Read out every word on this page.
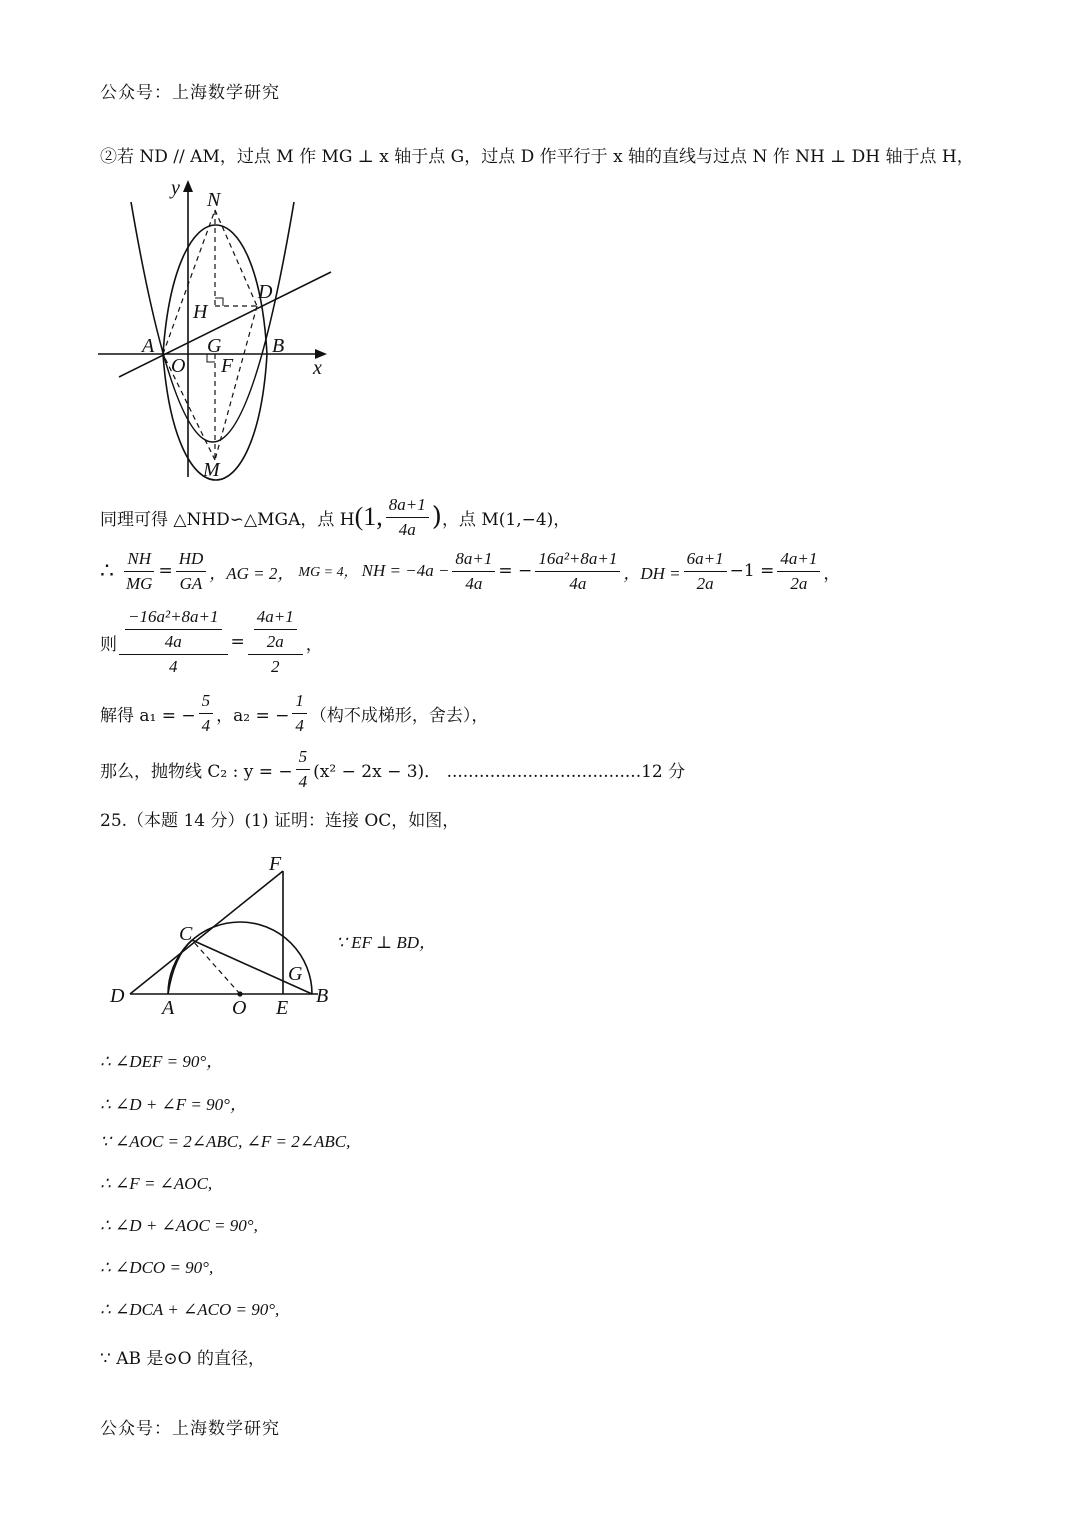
公众号：上海数学研究
②若 ND // AM，过点 M 作 MG ⊥ x 轴于点 G，过点 D 作平行于 x 轴的直线与过点 N 作 NH ⊥ DH 轴于点 H，
y
N
D
H
A
O
G
F
B
x
M
同理可得 △NHD∽△MGA，点 H (1, $\frac{8a+1}{4a}$ ) ，点 M(1,−4)，
∴ $\frac{NH}{MG} = \frac{HD}{GA}$ ，AG = 2， MG = 4， NH = $-4a - \frac{8a+1}{4a}$ = − $\frac{\text{16a²+8a+1}}{4a}$ ，DH = $\frac{6a+1}{2a} -1 = \frac{4a+1}{2a}$ ，
则 $\frac{\frac{\text{−16a²+8a+1}}{4a}}{4} = \frac{\frac{4a+1}{2a}}{2}$ ，
解得 a₁ = − $\frac{5}{4}$ ，a₂ = − $\frac{1}{4}$ （构不成梯形，舍去），
那么，抛物线 C₂ : y = − $\frac{5}{4} (x^2 - 2x - 3)$． ....................................12 分
25.（本题 14 分）(1) 证明：连接 OC，如图，
F
C
G
D
A	O E
B
∵ EF ⊥ BD，
∴ ∠DEF = 90°，
∴ ∠D + ∠F = 90°，
∵ ∠AOC = 2∠ABC, ∠F = 2∠ABC,
∴ ∠F = ∠AOC,
∴ ∠D + ∠AOC = 90°,
∴ ∠DCO = 90°,
∴ ∠DCA + ∠ACO = 90°,
∵ AB 是⊙O 的直径，
公众号：上海数学研究
